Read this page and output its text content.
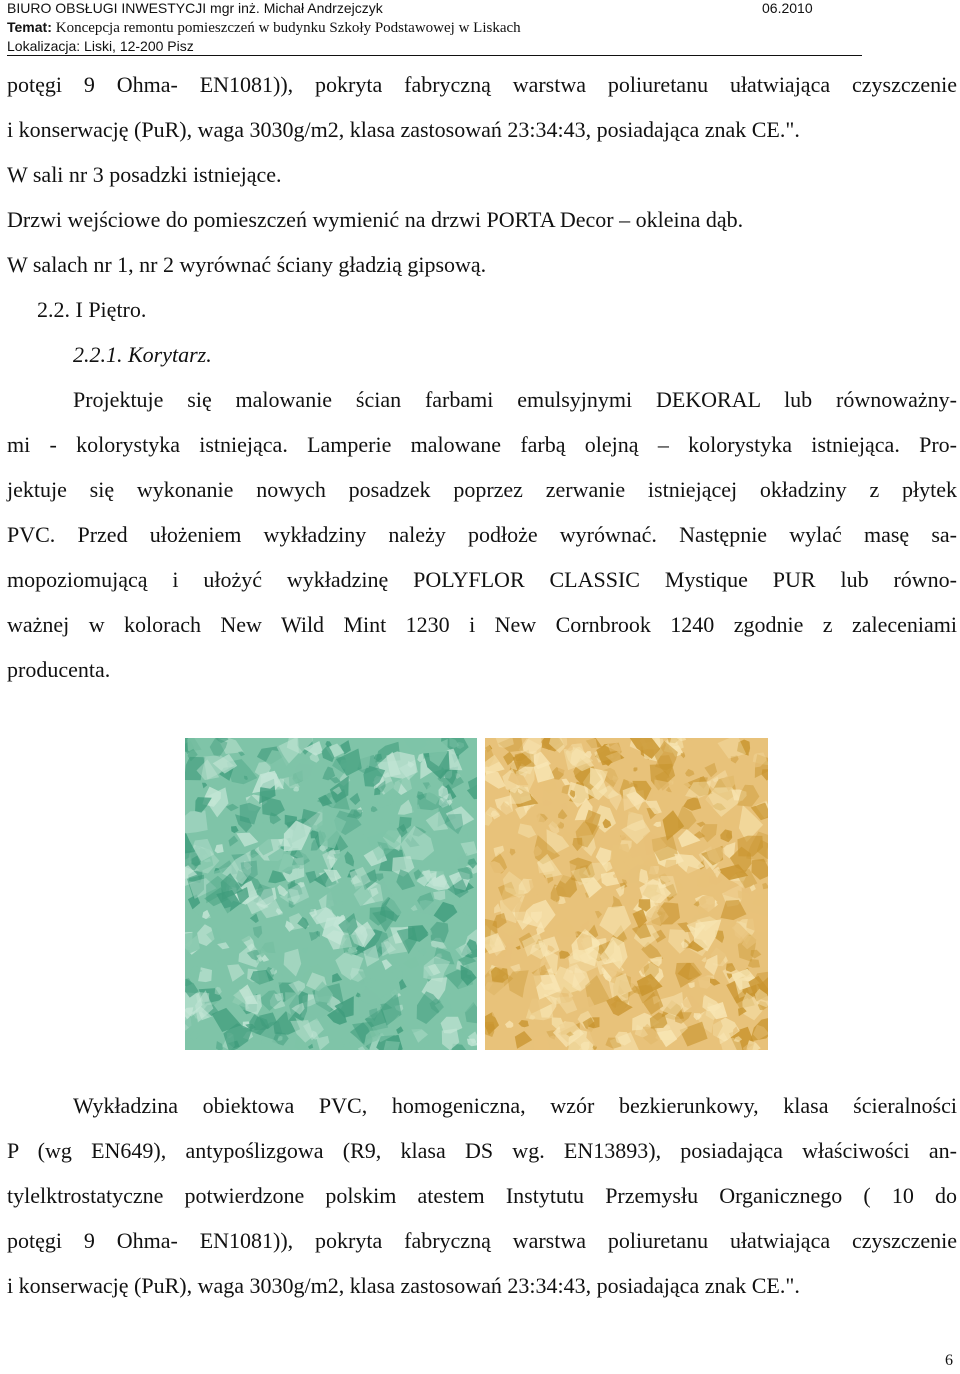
BIURO OBSŁUGI INWESTYCJI mgr inż. Michał Andrzejczyk	06.2010
Temat: Koncepcja remontu pomieszczeń w budynku Szkoły Podstawowej w Liskach
Lokalizacja: Liski, 12-200 Pisz
potęgi 9 Ohma- EN1081)), pokryta fabryczną warstwa poliuretanu ułatwiająca czyszczenie
i konserwację (PuR), waga 3030g/m2, klasa zastosowań 23:34:43, posiadająca znak CE.".
W sali nr 3 posadzki istniejące.
Drzwi wejściowe do pomieszczeń wymienić na drzwi PORTA Decor – okleina dąb.
W salach nr 1, nr 2 wyrównać ściany gładzią gipsową.
2.2. I Piętro.
2.2.1. Korytarz.
Projektuje się malowanie ścian farbami emulsyjnymi DEKORAL lub równoważny-
mi - kolorystyka istniejąca. Lamperie malowane farbą olejną – kolorystyka istniejąca. Pro-
jektuje się wykonanie nowych posadzek poprzez zerwanie istniejącej okładziny z płytek
PVC. Przed ułożeniem wykładziny należy podłoże wyrównać. Następnie wylać masę sa-
mopoziomującą i ułożyć wykładzinę POLYFLOR CLASSIC Mystique PUR lub równo-
ważnej w kolorach New Wild Mint 1230 i New Cornbrook 1240 zgodnie z zaleceniami
producenta.
Wykładzina obiektowa PVC, homogeniczna, wzór bezkierunkowy, klasa ścieralności
P (wg EN649), antypoślizgowa (R9, klasa DS wg. EN13893), posiadająca właściwości an-
tylelktrostatyczne potwierdzone polskim atestem Instytutu Przemysłu Organicznego ( 10 do
potęgi 9 Ohma- EN1081)), pokryta fabryczną warstwa poliuretanu ułatwiająca czyszczenie
i konserwację (PuR), waga 3030g/m2, klasa zastosowań 23:34:43, posiadająca znak CE.".
6
